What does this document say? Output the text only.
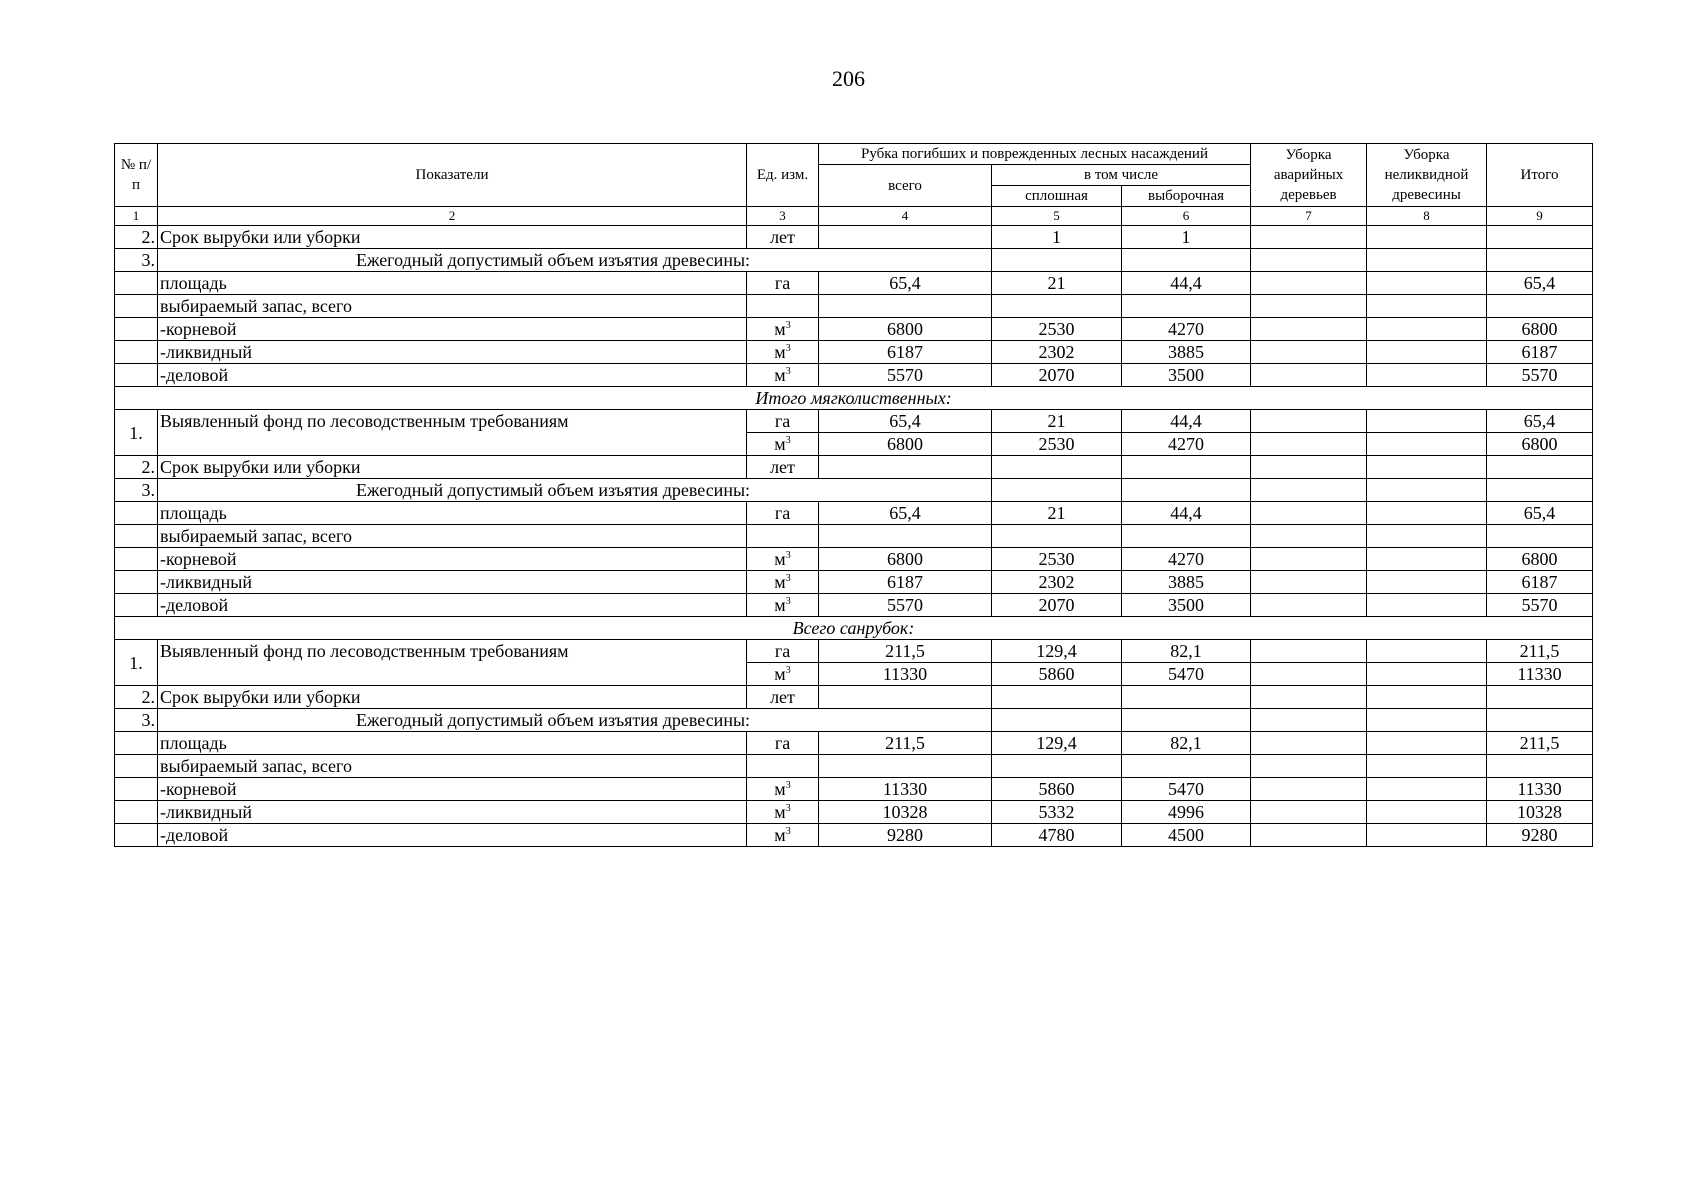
206
№ п/п	Показатели	Ед. изм.	Рубка погибших и поврежденных лесных насаждений			Уборка аварийных деревьев	Уборка неликвидной древесины	Итого
			всего	в том числе				
				сплошная	выборочная			
1	2	3	4	5	6	7	8	9
2.	Срок вырубки или уборки	лет		1	1			
3.	Ежегодный допустимый объем изъятия древесины:							
	площадь	га	65,4	21	44,4			65,4
	выбираемый запас, всего							
	-корневой	$м^3$	6800	2530	4270			6800
	-ликвидный	$м^3$	6187	2302	3885			6187
	-деловой	$м^3$	5570	2070	3500			5570
Итого мягколиственных:								
1.	Выявленный фонд по лесоводственным требованиям	га	65,4	21	44,4			65,4
		$м^3$	6800	2530	4270			6800
2.	Срок вырубки или уборки	лет						
3.	Ежегодный допустимый объем изъятия древесины:							
	площадь	га	65,4	21	44,4			65,4
	выбираемый запас, всего							
	-корневой	$м^3$	6800	2530	4270			6800
	-ликвидный	$м^3$	6187	2302	3885			6187
	-деловой	$м^3$	5570	2070	3500			5570
Всего санрубок:								
1.	Выявленный фонд по лесоводственным требованиям	га	211,5	129,4	82,1			211,5
		$м^3$	11330	5860	5470			11330
2.	Срок вырубки или уборки	лет						
3.	Ежегодный допустимый объем изъятия древесины:							
	площадь	га	211,5	129,4	82,1			211,5
	выбираемый запас, всего							
	-корневой	$м^3$	11330	5860	5470			11330
	-ликвидный	$м^3$	10328	5332	4996			10328
	-деловой	$м^3$	9280	4780	4500			9280
